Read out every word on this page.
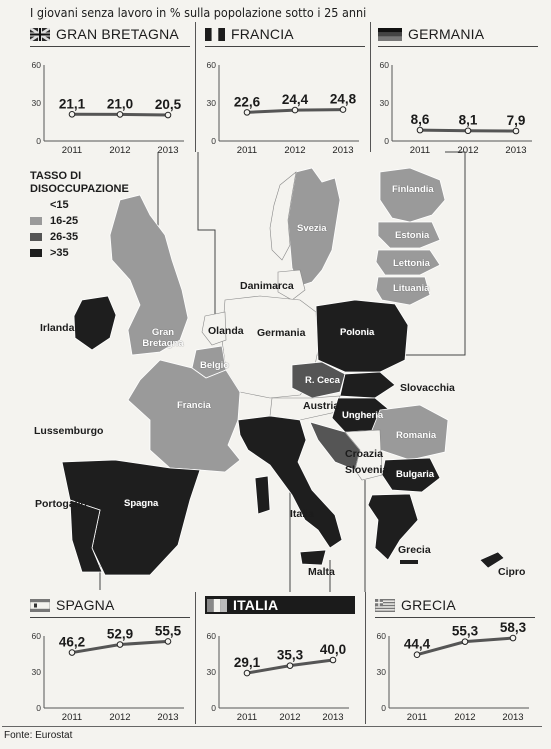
I giovani senza lavoro in % sulla popolazione sotto i 25 anni
GRAN BRETAGNA
0
30
60
2011	2012	2013
21,1 21,0 20,5
FRANCIA
0
30
60
2011	2012	2013
22,6 24,4 24,8
GERMANIA
0
30
60
2011	2012	2013
8,6 8,1 7,9
TASSO DI DISOCCUPAZIONE
<15
16-25
26-35
>35
Finlandia
Svezia
Estonia
Lettonia
Lituania
Danimarca
Irlanda	Gran Bretagna
Olanda Germania	Polonia
Belgio
R. Ceca
Slovacchia
Austria
Ungheria
Francia
Romania
Lussemburgo
Croazia
Slovenia Bulgaria
Portogallo	Spagna
Italia
Grecia
Malta	Cipro
SPAGNA
0
30
60
2011	2012	2013
46,2
52,9 55,5
ITALIA
0
30
60
2011 2012 2013
29,1 35,3 40,0
GRECIA
0
30
60
2011	2012	2013
44,4
55,3 58,3
Fonte: Eurostat
